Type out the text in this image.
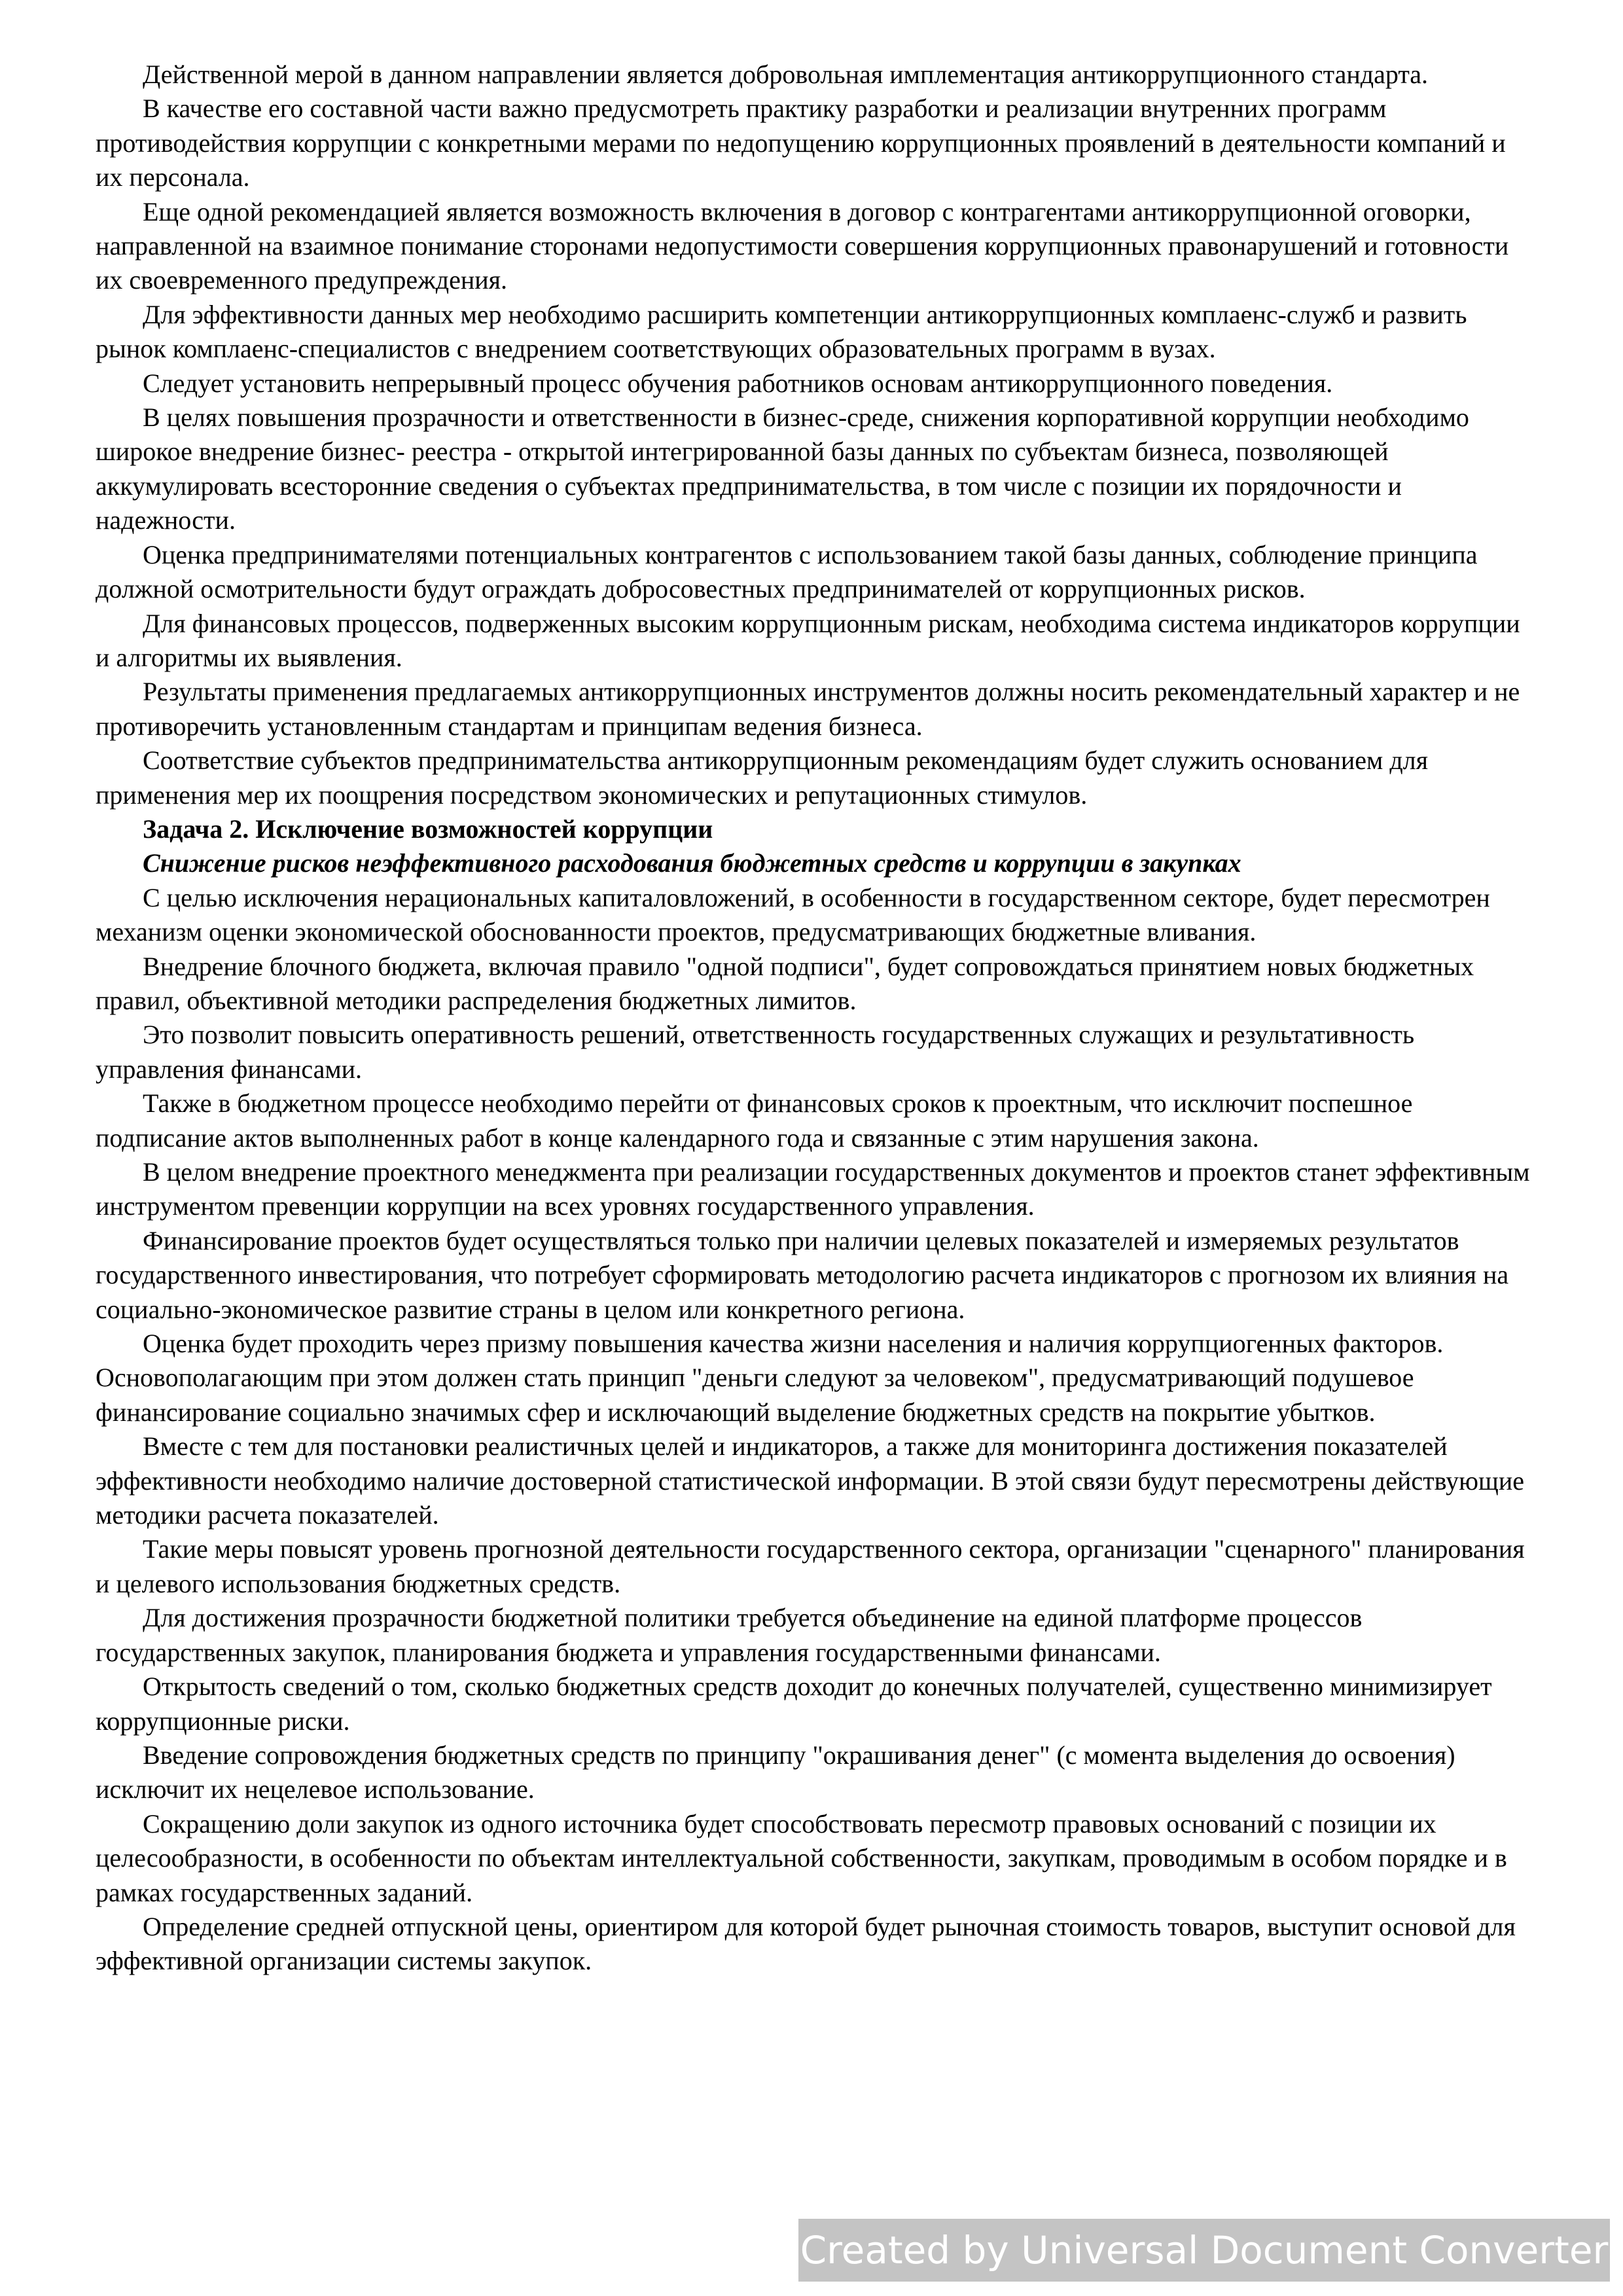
Действенной мерой в данном направлении является добровольная имплементация антикоррупционного стандарта.

В качестве его составной части важно предусмотреть практику разработки и реализации внутренних программ противодействия коррупции с конкретными мерами по недопущению коррупционных проявлений в деятельности компаний и их персонала.

Еще одной рекомендацией является возможность включения в договор с контрагентами антикоррупционной оговорки, направленной на взаимное понимание сторонами недопустимости совершения коррупционных правонарушений и готовности их своевременного предупреждения.

Для эффективности данных мер необходимо расширить компетенции антикоррупционных комплаенс-служб и развить рынок комплаенс-специалистов с внедрением соответствующих образовательных программ в вузах.

Следует установить непрерывный процесс обучения работников основам антикоррупционного поведения.

В целях повышения прозрачности и ответственности в бизнес-среде, снижения корпоративной коррупции необходимо широкое внедрение бизнес- реестра - открытой интегрированной базы данных по субъектам бизнеса, позволяющей аккумулировать всесторонние сведения о субъектах предпринимательства, в том числе с позиции их порядочности и надежности.

Оценка предпринимателями потенциальных контрагентов с использованием такой базы данных, соблюдение принципа должной осмотрительности будут ограждать добросовестных предпринимателей от коррупционных рисков.

Для финансовых процессов, подверженных высоким коррупционным рискам, необходима система индикаторов коррупции и алгоритмы их выявления.

Результаты применения предлагаемых антикоррупционных инструментов должны носить рекомендательный характер и не противоречить установленным стандартам и принципам ведения бизнеса.

Соответствие субъектов предпринимательства антикоррупционным рекомендациям будет служить основанием для применения мер их поощрения посредством экономических и репутационных стимулов.

Задача 2. Исключение возможностей коррупции

Снижение рисков неэффективного расходования бюджетных средств и коррупции в закупках

С целью исключения нерациональных капиталовложений, в особенности в государственном секторе, будет пересмотрен механизм оценки экономической обоснованности проектов, предусматривающих бюджетные вливания.

Внедрение блочного бюджета, включая правило "одной подписи", будет сопровождаться принятием новых бюджетных правил, объективной методики распределения бюджетных лимитов.

Это позволит повысить оперативность решений, ответственность государственных служащих и результативность управления финансами.

Также в бюджетном процессе необходимо перейти от финансовых сроков к проектным, что исключит поспешное подписание актов выполненных работ в конце календарного года и связанные с этим нарушения закона.

В целом внедрение проектного менеджмента при реализации государственных документов и проектов станет эффективным инструментом превенции коррупции на всех уровнях государственного управления.

Финансирование проектов будет осуществляться только при наличии целевых показателей и измеряемых результатов государственного инвестирования, что потребует сформировать методологию расчета индикаторов с прогнозом их влияния на социально-экономическое развитие страны в целом или конкретного региона.

Оценка будет проходить через призму повышения качества жизни населения и наличия коррупциогенных факторов. Основополагающим при этом должен стать принцип "деньги следуют за человеком", предусматривающий подушевое финансирование социально значимых сфер и исключающий выделение бюджетных средств на покрытие убытков.

Вместе с тем для постановки реалистичных целей и индикаторов, а также для мониторинга достижения показателей эффективности необходимо наличие достоверной статистической информации. В этой связи будут пересмотрены действующие методики расчета показателей.

Такие меры повысят уровень прогнозной деятельности государственного сектора, организации "сценарного" планирования и целевого использования бюджетных средств.

Для достижения прозрачности бюджетной политики требуется объединение на единой платформе процессов государственных закупок, планирования бюджета и управления государственными финансами.

Открытость сведений о том, сколько бюджетных средств доходит до конечных получателей, существенно минимизирует коррупционные риски.

Введение сопровождения бюджетных средств по принципу "окрашивания денег" (с момента выделения до освоения) исключит их нецелевое использование.

Сокращению доли закупок из одного источника будет способствовать пересмотр правовых оснований с позиции их целесообразности, в особенности по объектам интеллектуальной собственности, закупкам, проводимым в особом порядке и в рамках государственных заданий.

Определение средней отпускной цены, ориентиром для которой будет рыночная стоимость товаров, выступит основой для эффективной организации системы закупок.

Created by Universal Document Converter
